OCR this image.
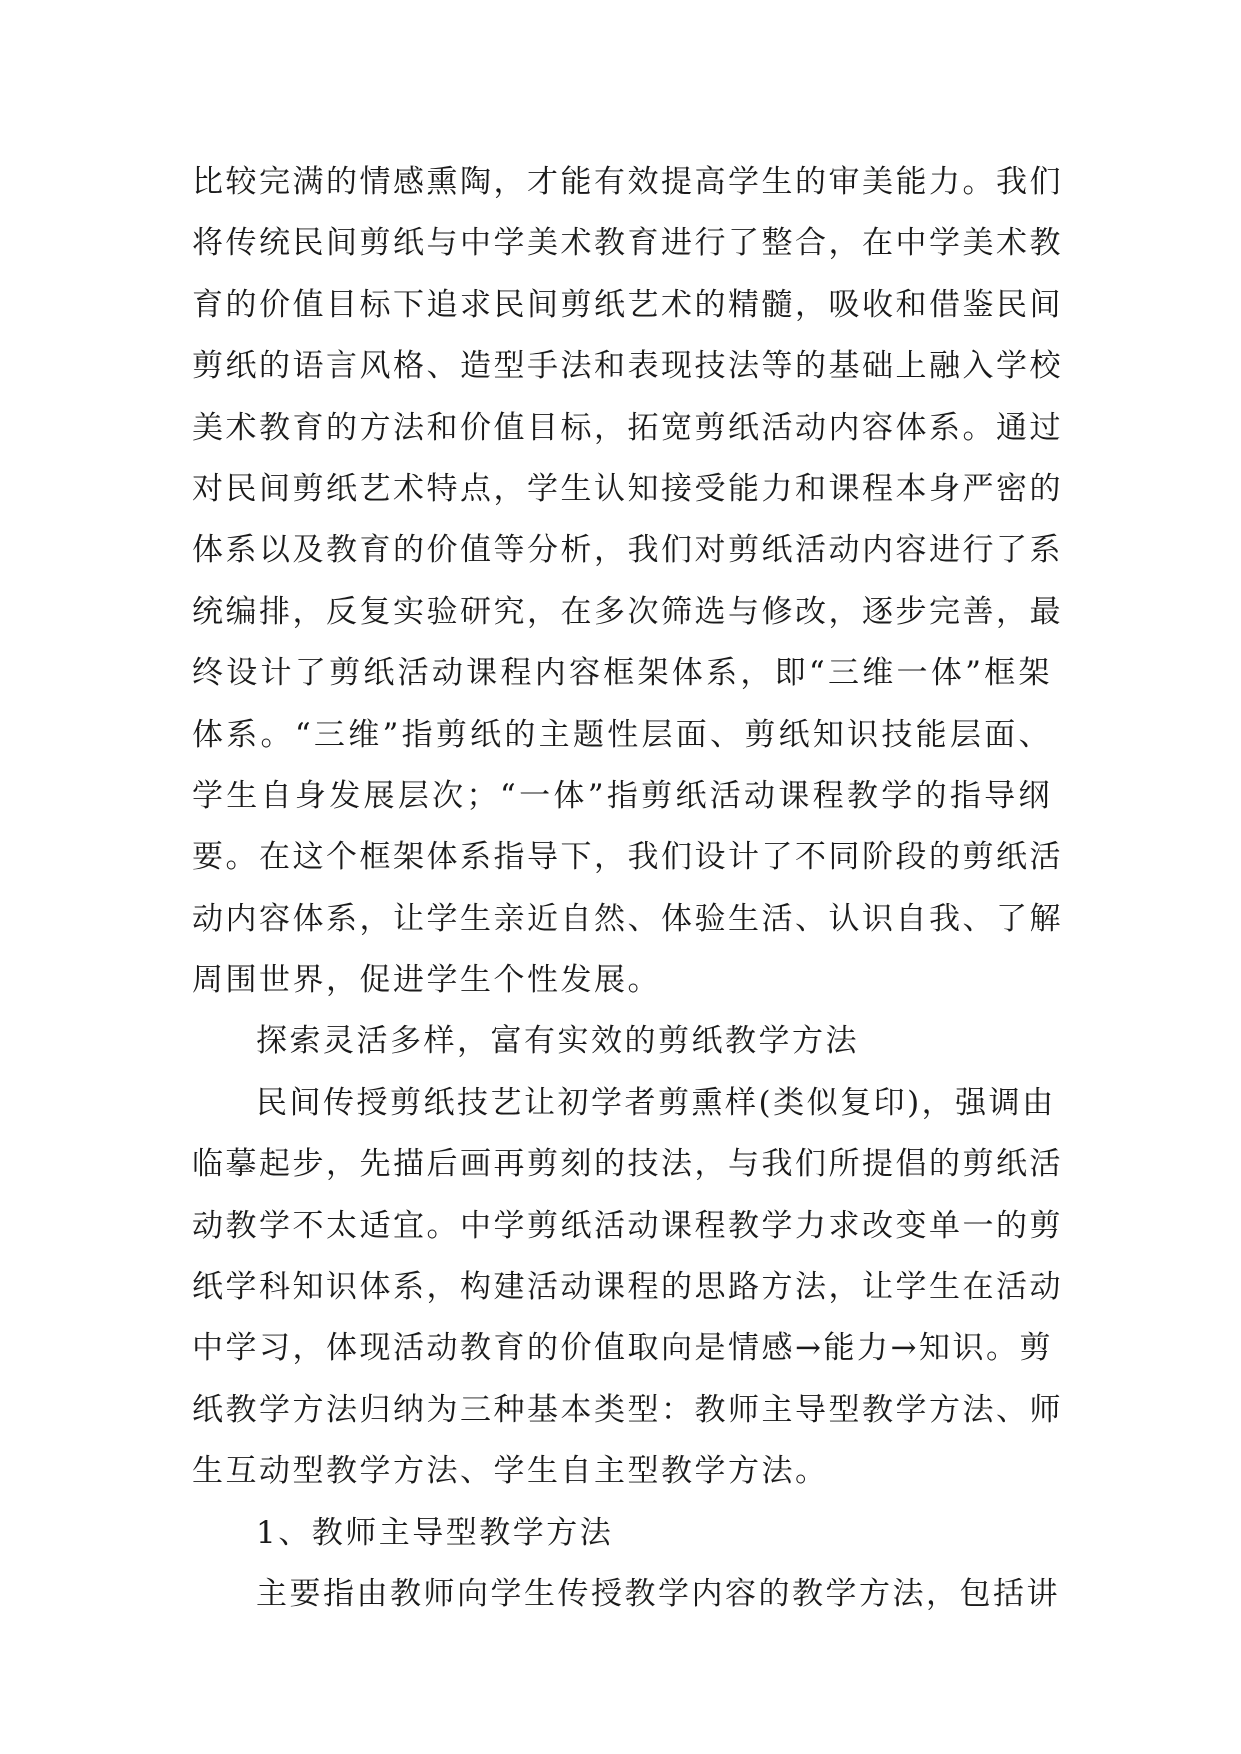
比较完满的情感熏陶，才能有效提高学生的审美能力。我们
将传统民间剪纸与中学美术教育进行了整合，在中学美术教
育的价值目标下追求民间剪纸艺术的精髓，吸收和借鉴民间
剪纸的语言风格、造型手法和表现技法等的基础上融入学校
美术教育的方法和价值目标，拓宽剪纸活动内容体系。通过
对民间剪纸艺术特点，学生认知接受能力和课程本身严密的
体系以及教育的价值等分析，我们对剪纸活动内容进行了系
统编排，反复实验研究，在多次筛选与修改，逐步完善，最
终设计了剪纸活动课程内容框架体系，即“三维一体”框架
体系。“三维”指剪纸的主题性层面、剪纸知识技能层面、
学生自身发展层次；“一体”指剪纸活动课程教学的指导纲
要。在这个框架体系指导下，我们设计了不同阶段的剪纸活
动内容体系，让学生亲近自然、体验生活、认识自我、了解
周围世界，促进学生个性发展。
探索灵活多样，富有实效的剪纸教学方法
民间传授剪纸技艺让初学者剪熏样(类似复印)，强调由
临摹起步，先描后画再剪刻的技法，与我们所提倡的剪纸活
动教学不太适宜。中学剪纸活动课程教学力求改变单一的剪
纸学科知识体系，构建活动课程的思路方法，让学生在活动
中学习，体现活动教育的价值取向是情感→能力→知识。剪
纸教学方法归纳为三种基本类型：教师主导型教学方法、师
生互动型教学方法、学生自主型教学方法。
1、教师主导型教学方法
主要指由教师向学生传授教学内容的教学方法，包括讲
